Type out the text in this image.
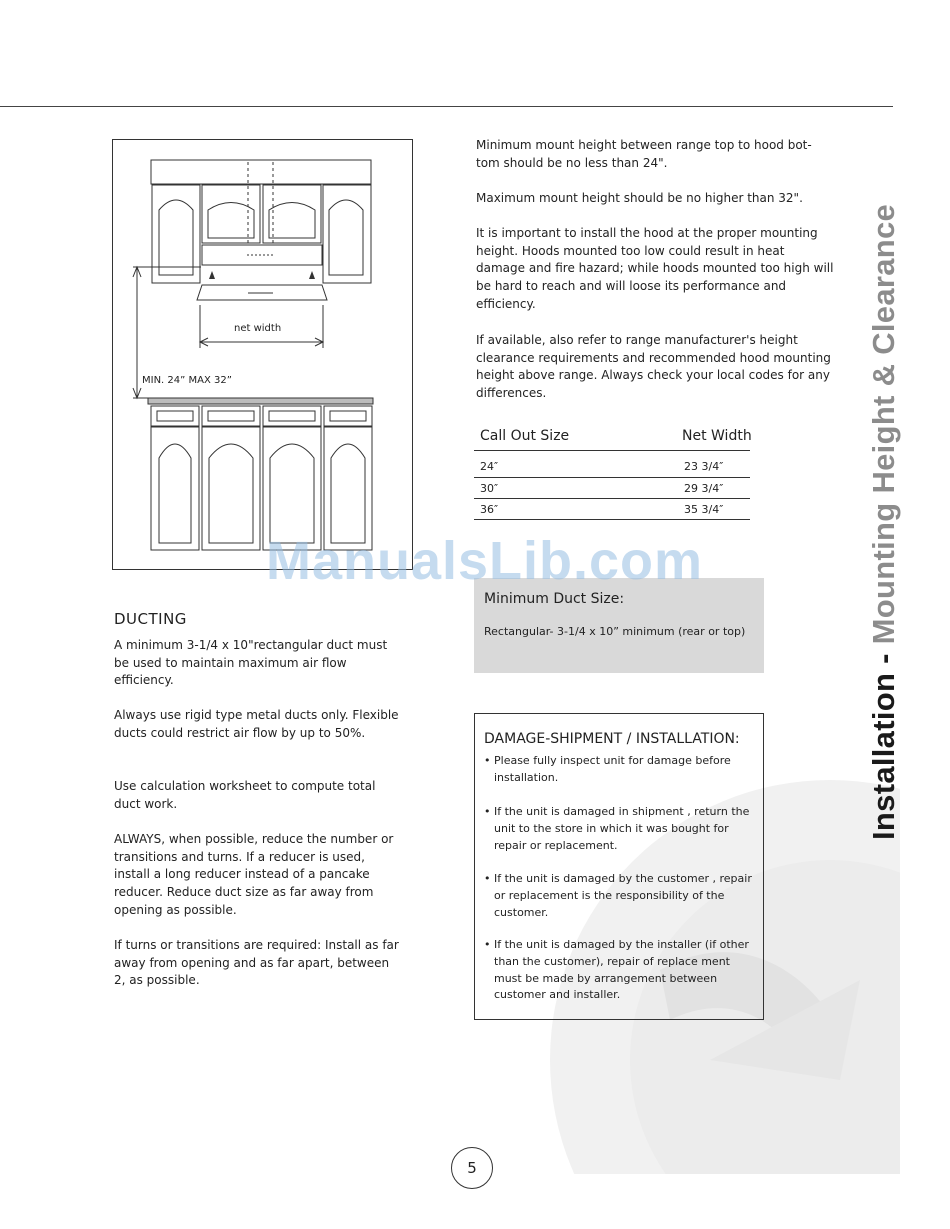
net width
MIN. 24” MAX 32”
Minimum mount height between range top to hood bot- tom should be no less than 24".
Maximum mount height should be no higher than 32".
It is important to install the hood at the proper mounting height. Hoods mounted too low could result in heat damage and fire hazard; while hoods mounted too high will be hard to reach and will loose its performance and efficiency.
If available, also refer to range manufacturer's height clearance requirements and recommended hood mounting height above range. Always check your local codes for any differences.
Call Out Size	Net Width
24″	23 3/4″
30″	29 3/4″
36″	35 3/4″
Minimum Duct Size:
Rectangular- 3-1/4 x 10” minimum (rear or top)
ManualsLib.com
DUCTING
A minimum 3-1/4 x 10"rectangular duct must be used to maintain maximum air flow efficiency.
Always use rigid type metal ducts only. Flexible ducts could restrict air flow by up to 50%.
Use calculation worksheet to compute total duct work.
ALWAYS, when possible, reduce the number or transitions and turns. If a reducer is used, install a long reducer instead of a pancake reducer. Reduce duct size as far away from opening as possible.
If turns or transitions are required: Install as far away from opening and as far apart, between 2, as possible.
DAMAGE-SHIPMENT / INSTALLATION:
• Please fully inspect unit for damage before installation.
• If the unit is damaged in shipment , return the unit to the store in which it was bought for repair or replacement.
• If the unit is damaged by the customer , repair or replacement is the responsibility of the customer.
• If the unit is damaged by the installer (if other than the customer), repair of replace ment must be made by arrangement between customer and installer.
Installation - Mounting Height & Clearance
5
